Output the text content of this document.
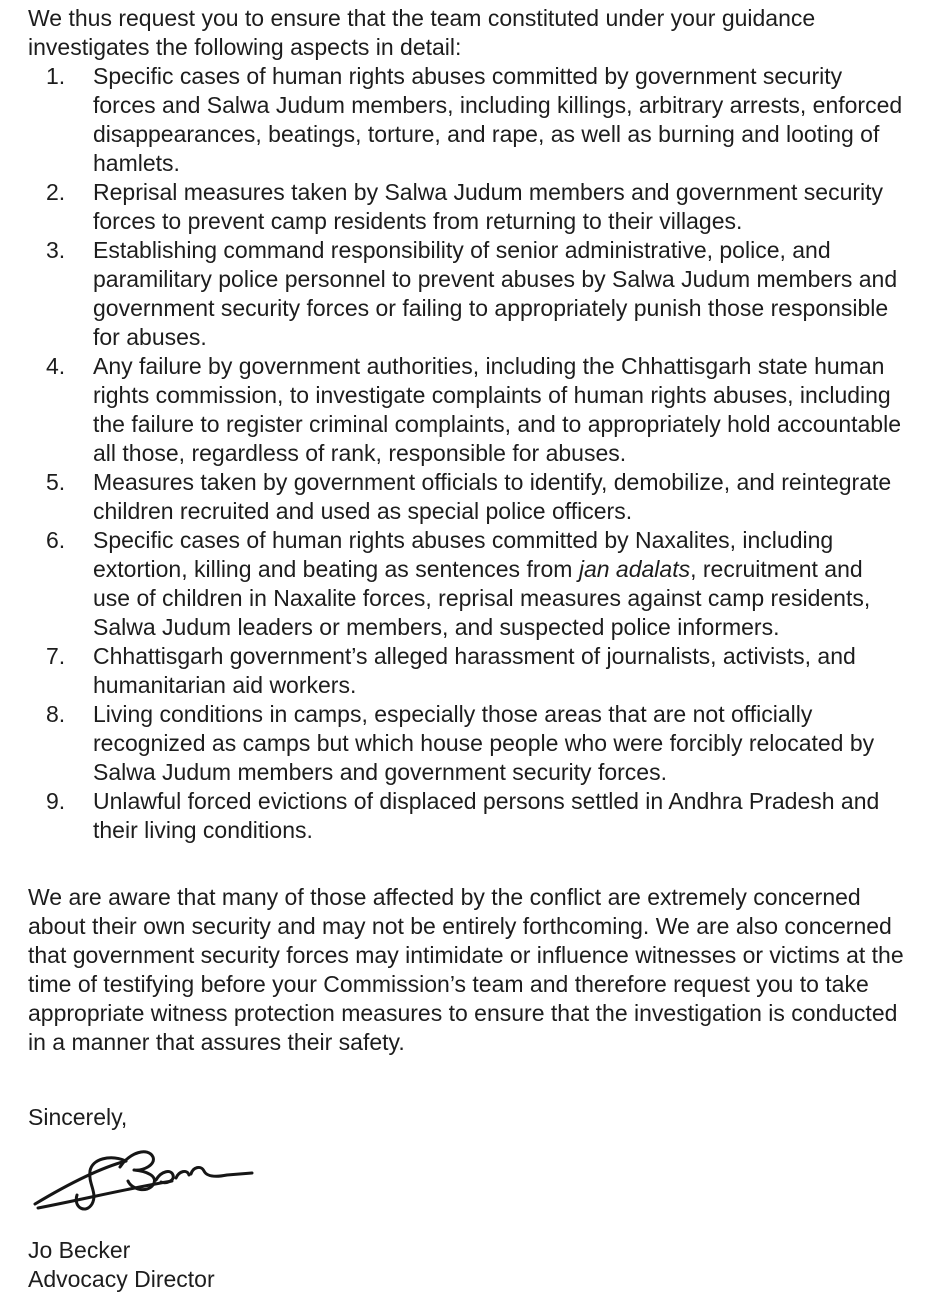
We thus request you to ensure that the team constituted under your guidance investigates the following aspects in detail:

1.	Specific cases of human rights abuses committed by government security forces and Salwa Judum members, including killings, arbitrary arrests, enforced disappearances, beatings, torture, and rape, as well as burning and looting of hamlets.
2.	Reprisal measures taken by Salwa Judum members and government security forces to prevent camp residents from returning to their villages.
3.	Establishing command responsibility of senior administrative, police, and paramilitary police personnel to prevent abuses by Salwa Judum members and government security forces or failing to appropriately punish those responsible for abuses.
4.	Any failure by government authorities, including the Chhattisgarh state human rights commission, to investigate complaints of human rights abuses, including the failure to register criminal complaints, and to appropriately hold accountable all those, regardless of rank, responsible for abuses.
5.	Measures taken by government officials to identify, demobilize, and reintegrate children recruited and used as special police officers.
6.	Specific cases of human rights abuses committed by Naxalites, including extortion, killing and beating as sentences from jan adalats, recruitment and use of children in Naxalite forces, reprisal measures against camp residents, Salwa Judum leaders or members, and suspected police informers.
7.	Chhattisgarh government’s alleged harassment of journalists, activists, and humanitarian aid workers.
8.	Living conditions in camps, especially those areas that are not officially recognized as camps but which house people who were forcibly relocated by Salwa Judum members and government security forces.
9.	Unlawful forced evictions of displaced persons settled in Andhra Pradesh and their living conditions.

We are aware that many of those affected by the conflict are extremely concerned about their own security and may not be entirely forthcoming. We are also concerned that government security forces may intimidate or influence witnesses or victims at the time of testifying before your Commission’s team and therefore request you to take appropriate witness protection measures to ensure that the investigation is conducted in a manner that assures their safety.

Sincerely,

Jo Becker
Advocacy Director
